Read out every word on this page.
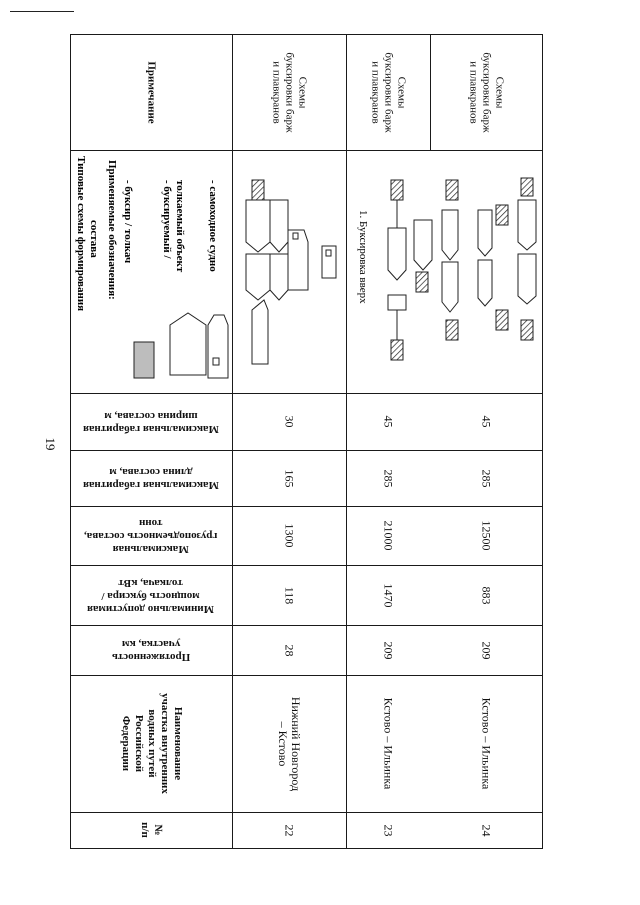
19
Примечание
Типовые схемы формирования состава Применяемые обозначения: - буксир / толкач - буксируемый / толкаемый объект - самоходное судно
Максимальная габаритная
ширина состава, м
Максимальная габаритная
длина состава, м
Максимальная
грузоподъемность состава,
тонн
Минимально допустимая
мощность буксира /
толкача, кВт
Протяженность
участка, км
Наименование
участка внутренних
водных путей
Российской
Федерации
№
п/п
Схемы
буксировки барж
и плавкранов
30
165
1300
118
28
Нижний Новгород
– Кстово
22
Схемы
буксировки барж
и плавкранов
1. Буксировка вверх
45
285
21000
1470
209
Кстово – Ильинка
23
Схемы
буксировки барж
и плавкранов
45
285
12500
883
209
Кстово – Ильинка
24
